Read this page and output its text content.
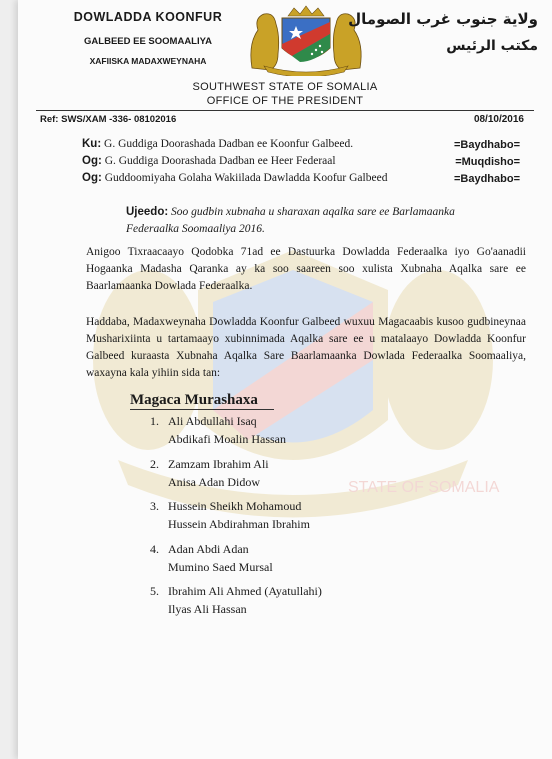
STATE OF SOMALIA
DOWLADDA KOONFUR
GALBEED EE SOOMAALIYA
XAFIISKA MADAXWEYNAHA
ولاية جنوب غرب الصومال
مكتب الرئيس
SOUTHWEST STATE OF SOMALIA
OFFICE OF THE PRESIDENT
Ref: SWS/XAM -336- 08102016	08/10/2016
Ku: G. Guddiga Doorashada Dadban ee Koonfur Galbeed.	=Baydhabo=
Og: G. Guddiga Doorashada Dadban ee Heer Federaal	=Muqdisho=
Og: Guddoomiyaha Golaha Wakiilada Dawladda Koofur Galbeed	=Baydhabo=
Ujeedo: Soo gudbin xubnaha u sharaxan aqalka sare ee Barlamaanka Federaalka Soomaaliya 2016.
Anigoo Tixraacaayo Qodobka 71ad ee Dastuurka Dowladda Federaalka iyo Go'aanadii Hogaanka Madasha Qaranka ay ka soo saareen soo xulista Xubnaha Aqalka sare ee Baarlamaanka Dowlada Federaalka.
Haddaba, Madaxweynaha Dowladda Koonfur Galbeed wuxuu Magacaabis kusoo gudbineynaa Musharixiinta u tartamaayo xubinnimada Aqalka sare ee u matalaayo Dowladda Koonfur Galbeed kuraasta Xubnaha Aqalka Sare Baarlamaanka Dowlada Federaalka Soomaaliya, waxayna kala yihiin sida tan:
Magaca Murashaxa
1. Ali Abdullahi Isaq
Abdikafi Moalin Hassan
2. Zamzam Ibrahim Ali
Anisa Adan Didow
3. Hussein Sheikh Mohamoud
Hussein Abdirahman Ibrahim
4. Adan Abdi Adan
Mumino Saed Mursal
5. Ibrahim Ali Ahmed (Ayatullahi)
Ilyas Ali Hassan
